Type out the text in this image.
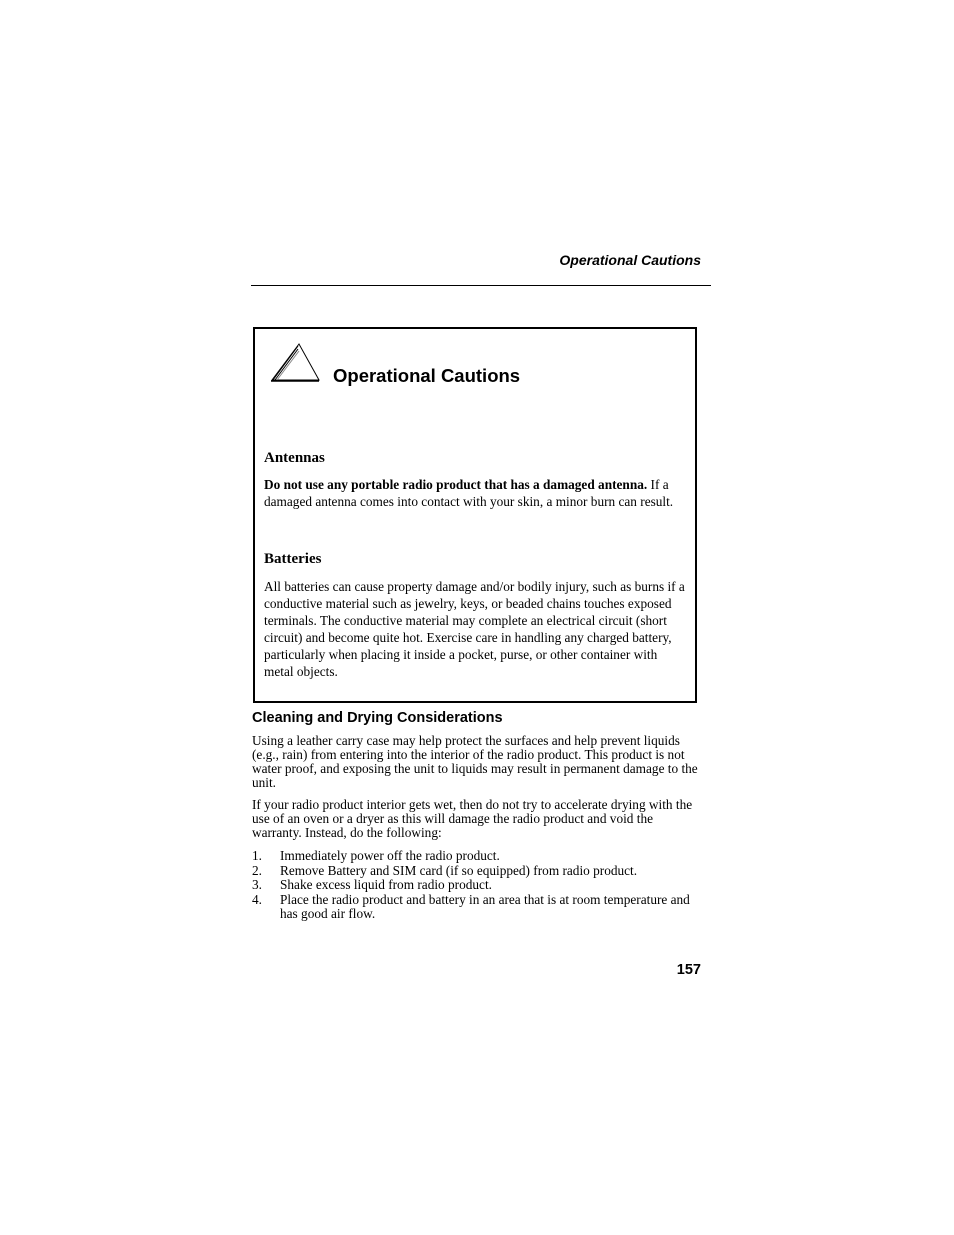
Operational Cautions
Operational Cautions
Antennas
Do not use any portable radio product that has a damaged antenna. If a damaged antenna comes into contact with your skin, a minor burn can result.
Batteries
All batteries can cause property damage and/or bodily injury, such as burns if a conductive material such as jewelry, keys, or beaded chains touches exposed terminals. The conductive material may complete an electrical circuit (short circuit) and become quite hot. Exercise care in handling any charged battery, particularly when placing it inside a pocket, purse, or other container with metal objects.
Cleaning and Drying Considerations
Using a leather carry case may help protect the surfaces and help prevent liquids (e.g., rain) from entering into the interior of the radio product. This product is not water proof, and exposing the unit to liquids may result in permanent damage to the unit.
If your radio product interior gets wet, then do not try to accelerate drying with the use of an oven or a dryer as this will damage the radio product and void the warranty. Instead, do the following:
1. Immediately power off the radio product.
2. Remove Battery and SIM card (if so equipped) from radio product.
3. Shake excess liquid from radio product.
4. Place the radio product and battery in an area that is at room temperature and has good air flow.
157
